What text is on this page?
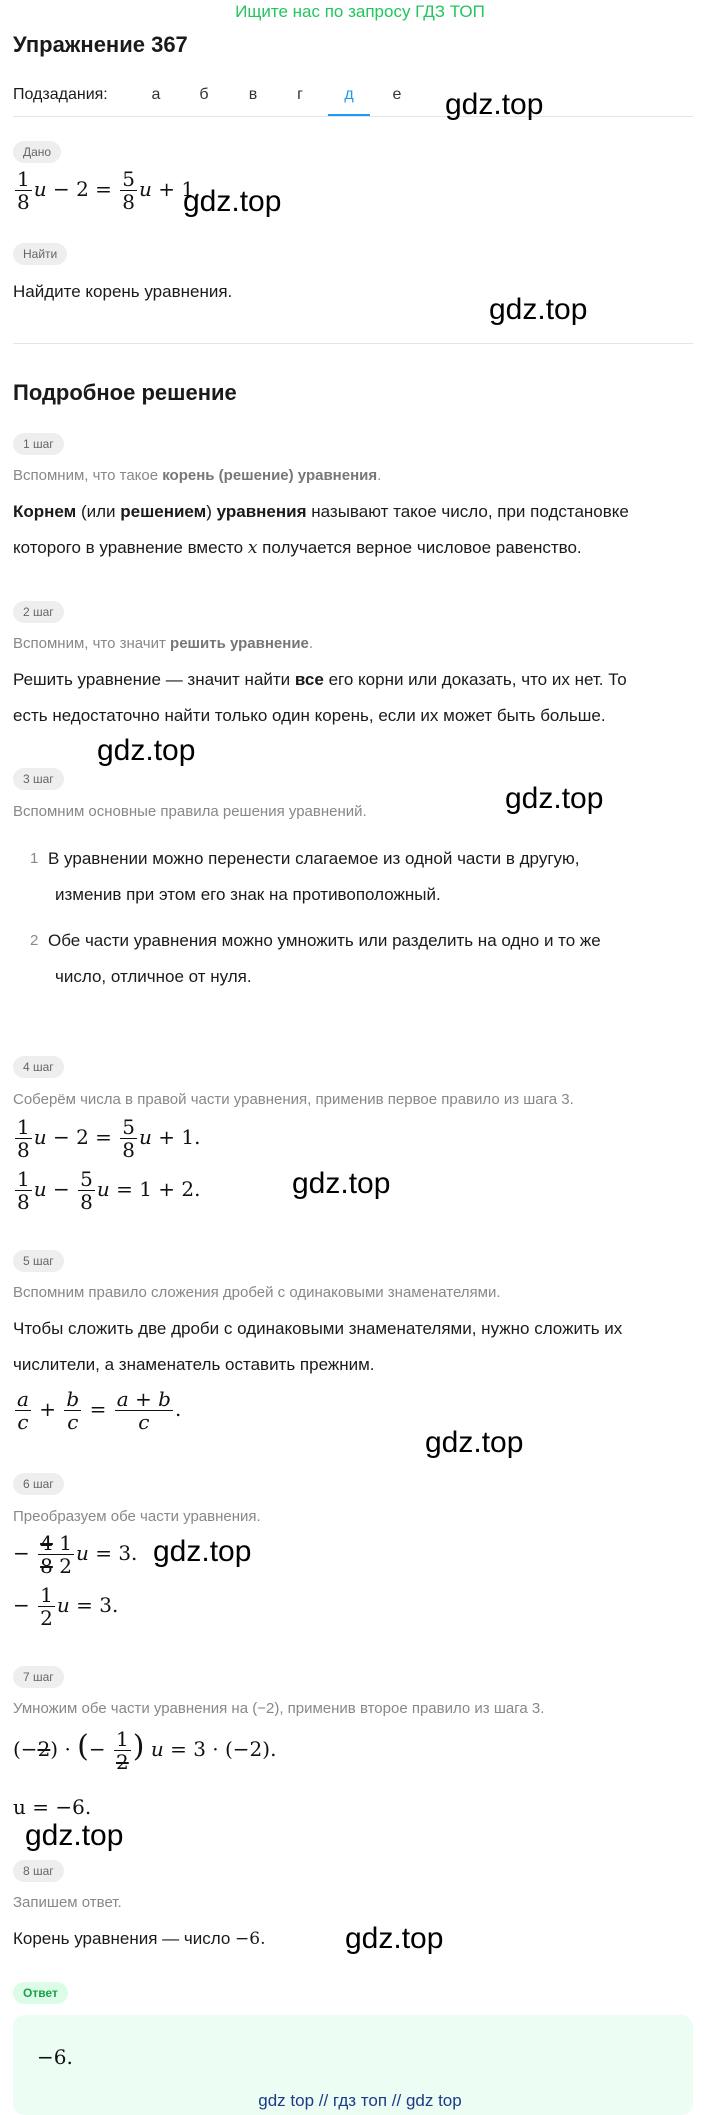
Ищите нас по запросу ГДЗ ТОП
Упражнение 367
Подзадания:	а	б	в	г	д	е
Дано
$\frac{1}{8}$ $u - 2 = \frac{5}{8}$ u + 1.
Найти
Найдите корень уравнения.
Подробное решение
1 шаг
Вспомним, что такое корень (решение) уравнения.
Корнем (или решением) уравнения называют такое число, при подстановке
которого в уравнение вместо x получается верное числовое равенство.
2 шаг
Вспомним, что значит решить уравнение.
Решить уравнение — значит найти все его корни или доказать, что их нет. То
есть недостаточно найти только один корень, если их может быть больше.
3 шаг
Вспомним основные правила решения уравнений.
1 В уравнении можно перенести слагаемое из одной части в другую,
изменив при этом его знак на противоположный.
2 Обе части уравнения можно умножить или разделить на одно и то же
число, отличное от нуля.
4 шаг
Соберём числа в правой части уравнения, применив первое правило из шага 3.
$\frac{1}{8}$ $u - 2 = \frac{5}{8}$ u + 1.
$\frac{1}{8}$ $u - \frac{5}{8}$ u = 1 + 2.
5 шаг
Вспомним правило сложения дробей с одинаковыми знаменателями.
Чтобы сложить две дроби с одинаковыми знаменателями, нужно сложить их
числители, а знаменатель оставить прежним.
$\frac{a}{c} + \frac{b}{c} = \frac{a + b}{c}$ .
6 шаг
Преобразуем обе части уравнения.
− $\frac{4 1}{8 2}$ u = 3.
− $\frac{1}{2}$ u = 3.
7 шаг
Умножим обе части уравнения на (−2), применив второе правило из шага 3.
(−2) · (− $\frac{1}{2}$ ) u = 3 · (−2).
u = −6.
8 шаг
Запишем ответ.
Корень уравнения — число −6.
Ответ
−6.
gdz.top
gdz.top
gdz.top
gdz.top
gdz.top
gdz.top
gdz.top
gdz.top
gdz.top
gdz.top
gdz top // гдз топ // gdz top
